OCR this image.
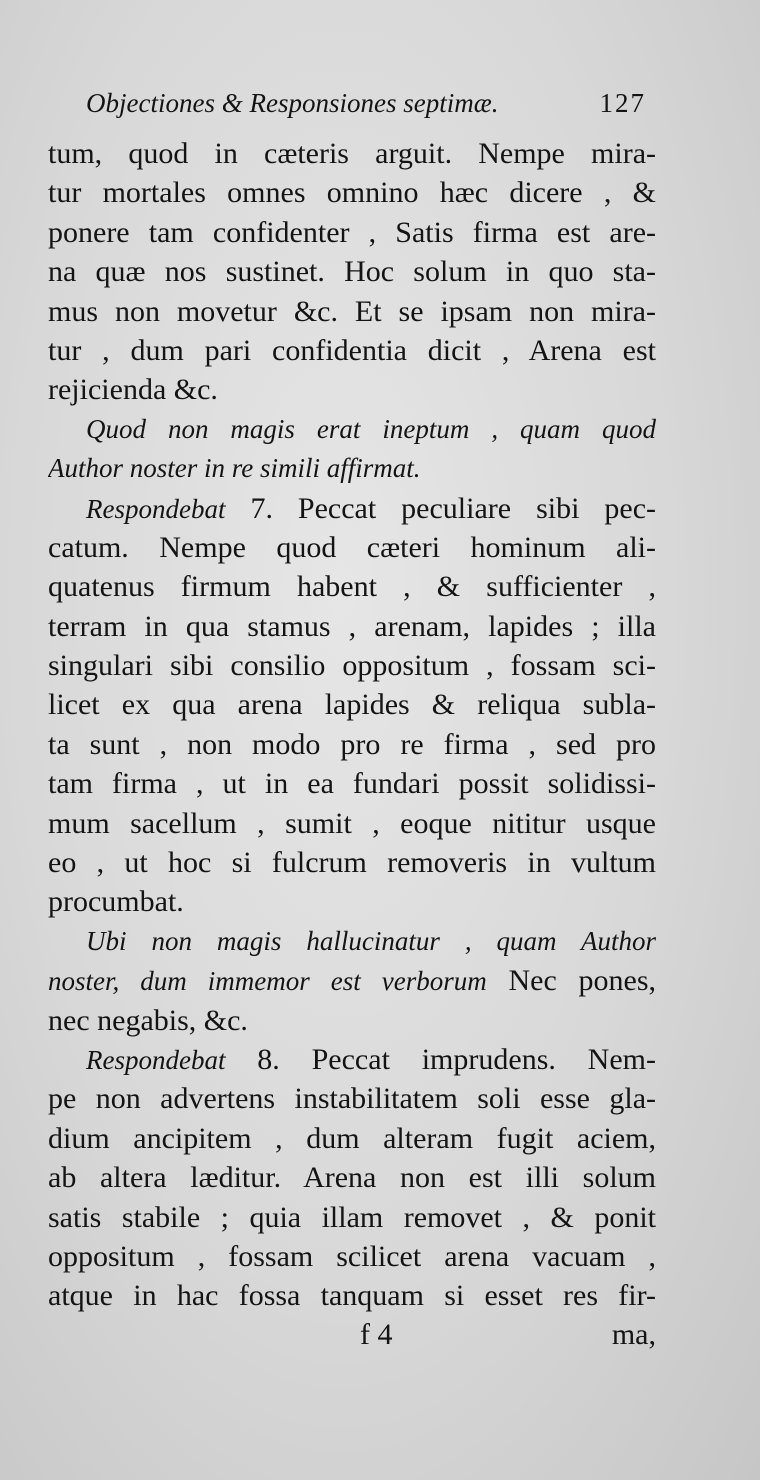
Objectiones & Responsiones septimæ.	127
tum, quod in cæteris arguit. Nempe mira-
tur mortales omnes omnino hæc dicere , &
ponere tam confidenter , Satis firma est are-
na quæ nos sustinet. Hoc solum in quo sta-
mus non movetur &c. Et se ipsam non mira-
tur , dum pari confidentia dicit , Arena est
rejicienda &c.
Quod non magis erat ineptum , quam quod
Author noster in re simili affirmat.
Respondebat 7. Peccat peculiare sibi pec-
catum. Nempe quod cæteri hominum ali-
quatenus firmum habent , & sufficienter ,
terram in qua stamus , arenam, lapides ; illa
singulari sibi consilio oppositum , fossam sci-
licet ex qua arena lapides & reliqua subla-
ta sunt , non modo pro re firma , sed pro
tam firma , ut in ea fundari possit solidissi-
mum sacellum , sumit , eoque nititur usque
eo , ut hoc si fulcrum removeris in vultum
procumbat.
Ubi non magis hallucinatur , quam Author
noster, dum immemor est verborum Nec pones,
nec negabis, &c.
Respondebat 8. Peccat imprudens. Nem-
pe non advertens instabilitatem soli esse gla-
dium ancipitem , dum alteram fugit aciem,
ab altera læditur. Arena non est illi solum
satis stabile ; quia illam removet , & ponit
oppositum , fossam scilicet arena vacuam ,
atque in hac fossa tanquam si esset res fir-
f 4	ma,
